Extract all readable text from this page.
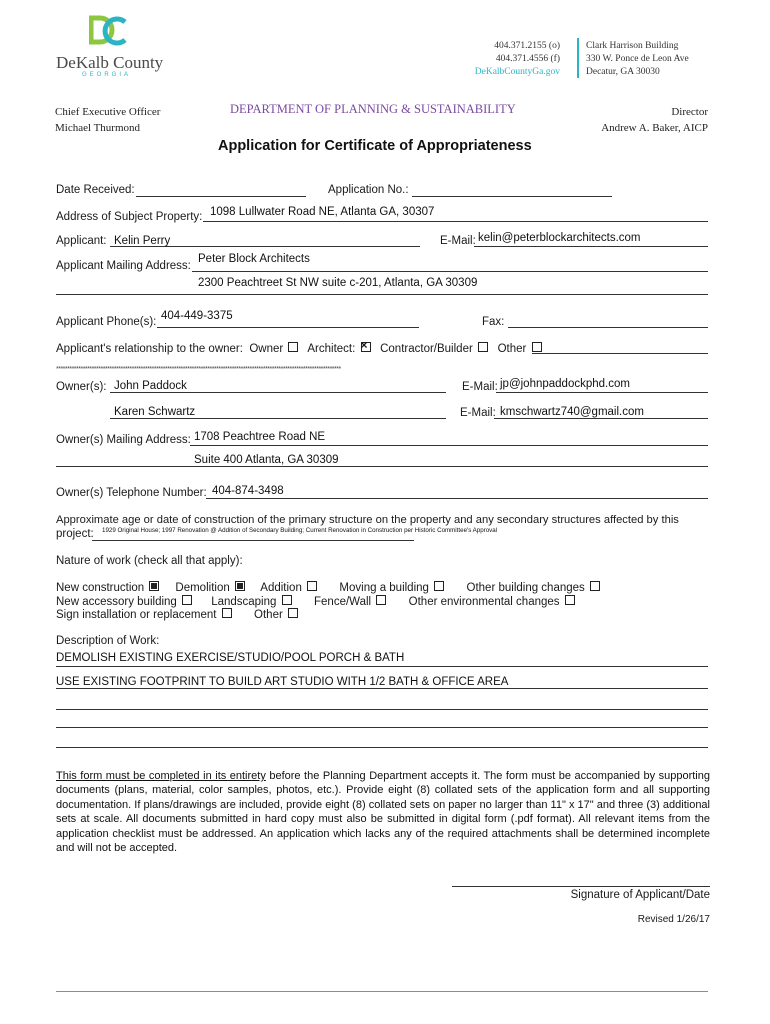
DeKalb County
GEORGIA
404.371.2155 (o)
404.371.4556 (f)
DeKalbCountyGa.gov
Clark Harrison Building
330 W. Ponce de Leon Ave
Decatur, GA 30030
Chief Executive Officer
Michael Thurmond
DEPARTMENT OF PLANNING & SUSTAINABILITY	Director
Andrew A. Baker, AICP
Application for Certificate of Appropriateness
Date Received:	Application No.:
Address of Subject Property: 1098 Lullwater Road NE, Atlanta GA, 30307
Applicant: Kelin Perry	E-Mail: kelin@peterblockarchitects.com
Applicant Mailing Address:
Peter Block Architects
2300 Peachtreet St NW suite c-201, Atlanta, GA 30309
Applicant Phone(s): 404-449-3375	Fax:
Applicant's relationship to the owner: Owner Architect: × Contractor/Builder Other
********************************************************************************************************************************
Owner(s): John Paddock	E-Mail: jp@johnpaddockphd.com
Karen Schwartz	E-Mail: kmschwartz740@gmail.com
Owner(s) Mailing Address: 1708 Peachtree Road NE
Suite 400 Atlanta, GA 30309
Owner(s) Telephone Number: 404-874-3498
Approximate age or date of construction of the primary structure on the property and any secondary structures affected by this
project: 1929 Original House; 1997 Renovation @ Addition of Secondary Building; Current Renovation in Construction per Historic Committee's Approval
Nature of work (check all that apply):
New construction	Demolition	Addition	Moving a building	Other building changes
New accessory building	Landscaping	Fence/Wall	Other environmental changes
Sign installation or replacement	Other
Description of Work:
DEMOLISH EXISTING EXERCISE/STUDIO/POOL PORCH & BATH
USE EXISTING FOOTPRINT TO BUILD ART STUDIO WITH 1/2 BATH & OFFICE AREA
This form must be completed in its entirety before the Planning Department accepts it. The form must be accompanied by supporting documents (plans, material, color samples, photos, etc.). Provide eight (8) collated sets of the application form and all supporting documentation. If plans/drawings are included, provide eight (8) collated sets on paper no larger than 11" x 17" and three (3) additional sets at scale. All documents submitted in hard copy must also be submitted in digital form (.pdf format). All relevant items from the application checklist must be addressed. An application which lacks any of the required attachments shall be determined incomplete and will not be accepted.
Signature of Applicant/Date
Revised 1/26/17
